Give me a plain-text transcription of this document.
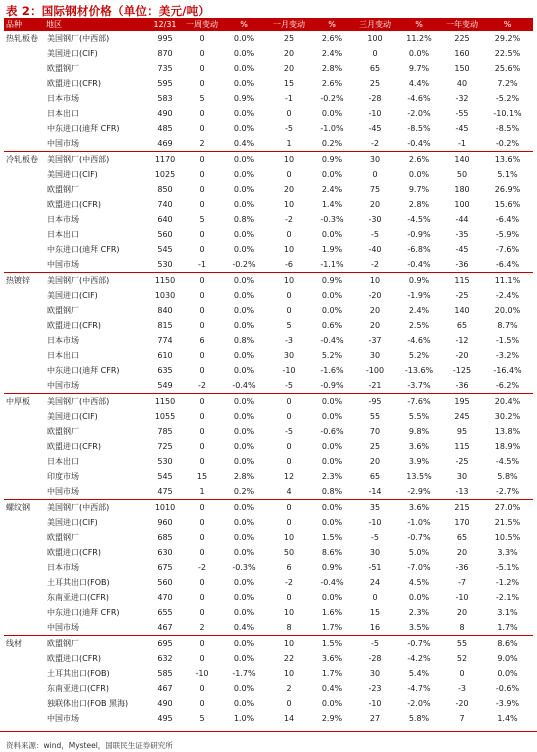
表 2：国际钢材价格（单位：美元/吨）
品种	地区	12/31	一周变动	%	一月变动	%	三月变动	%	一年变动	%
热轧板卷	美国钢厂(中西部)	995	0	0.0%	25	2.6%	100	11.2%	225	29.2%
	美国进口(CIF)	870	0	0.0%	20	2.4%	0	0.0%	160	22.5%
	欧盟钢厂	735	0	0.0%	20	2.8%	65	9.7%	150	25.6%
	欧盟进口(CFR)	595	0	0.0%	15	2.6%	25	4.4%	40	7.2%
	日本市场	583	5	0.9%	-1	-0.2%	-28	-4.6%	-32	-5.2%
	日本出口	490	0	0.0%	0	0.0%	-10	-2.0%	-55	-10.1%
	中东进口(迪拜 CFR)	485	0	0.0%	-5	-1.0%	-45	-8.5%	-45	-8.5%
	中国市场	469	2	0.4%	1	0.2%	-2	-0.4%	-1	-0.2%
冷轧板卷	美国钢厂(中西部)	1170	0	0.0%	10	0.9%	30	2.6%	140	13.6%
	美国进口(CIF)	1025	0	0.0%	0	0.0%	0	0.0%	50	5.1%
	欧盟钢厂	850	0	0.0%	20	2.4%	75	9.7%	180	26.9%
	欧盟进口(CFR)	740	0	0.0%	10	1.4%	20	2.8%	100	15.6%
	日本市场	640	5	0.8%	-2	-0.3%	-30	-4.5%	-44	-6.4%
	日本出口	560	0	0.0%	0	0.0%	-5	-0.9%	-35	-5.9%
	中东进口(迪拜 CFR)	545	0	0.0%	10	1.9%	-40	-6.8%	-45	-7.6%
	中国市场	530	-1	-0.2%	-6	-1.1%	-2	-0.4%	-36	-6.4%
热镀锌	美国钢厂(中西部)	1150	0	0.0%	10	0.9%	10	0.9%	115	11.1%
	美国进口(CIF)	1030	0	0.0%	0	0.0%	-20	-1.9%	-25	-2.4%
	欧盟钢厂	840	0	0.0%	0	0.0%	20	2.4%	140	20.0%
	欧盟进口(CFR)	815	0	0.0%	5	0.6%	20	2.5%	65	8.7%
	日本市场	774	6	0.8%	-3	-0.4%	-37	-4.6%	-12	-1.5%
	日本出口	610	0	0.0%	30	5.2%	30	5.2%	-20	-3.2%
	中东进口(迪拜 CFR)	635	0	0.0%	-10	-1.6%	-100	-13.6%	-125	-16.4%
	中国市场	549	-2	-0.4%	-5	-0.9%	-21	-3.7%	-36	-6.2%
中厚板	美国钢厂(中西部)	1150	0	0.0%	0	0.0%	-95	-7.6%	195	20.4%
	美国进口(CIF)	1055	0	0.0%	0	0.0%	55	5.5%	245	30.2%
	欧盟钢厂	785	0	0.0%	-5	-0.6%	70	9.8%	95	13.8%
	欧盟进口(CFR)	725	0	0.0%	0	0.0%	25	3.6%	115	18.9%
	日本出口	530	0	0.0%	0	0.0%	20	3.9%	-25	-4.5%
	印度市场	545	15	2.8%	12	2.3%	65	13.5%	30	5.8%
	中国市场	475	1	0.2%	4	0.8%	-14	-2.9%	-13	-2.7%
螺纹钢	美国钢厂(中西部)	1010	0	0.0%	0	0.0%	35	3.6%	215	27.0%
	美国进口(CIF)	960	0	0.0%	0	0.0%	-10	-1.0%	170	21.5%
	欧盟钢厂	685	0	0.0%	10	1.5%	-5	-0.7%	65	10.5%
	欧盟进口(CFR)	630	0	0.0%	50	8.6%	30	5.0%	20	3.3%
	日本市场	675	-2	-0.3%	6	0.9%	-51	-7.0%	-36	-5.1%
	土耳其出口(FOB)	560	0	0.0%	-2	-0.4%	24	4.5%	-7	-1.2%
	东南亚进口(CFR)	470	0	0.0%	0	0.0%	0	0.0%	-10	-2.1%
	中东进口(迪拜 CFR)	655	0	0.0%	10	1.6%	15	2.3%	20	3.1%
	中国市场	467	2	0.4%	8	1.7%	16	3.5%	8	1.7%
线材	欧盟钢厂	695	0	0.0%	10	1.5%	-5	-0.7%	55	8.6%
	欧盟进口(CFR)	632	0	0.0%	22	3.6%	-28	-4.2%	52	9.0%
	土耳其出口(FOB)	585	-10	-1.7%	10	1.7%	30	5.4%	0	0.0%
	东南亚进口(CFR)	467	0	0.0%	2	0.4%	-23	-4.7%	-3	-0.6%
	独联体出口(FOB 黑海)	490	0	0.0%	0	0.0%	-10	-2.0%	-20	-3.9%
	中国市场	495	5	1.0%	14	2.9%	27	5.8%	7	1.4%
资料来源：wind，Mysteel，国联民生证券研究所
